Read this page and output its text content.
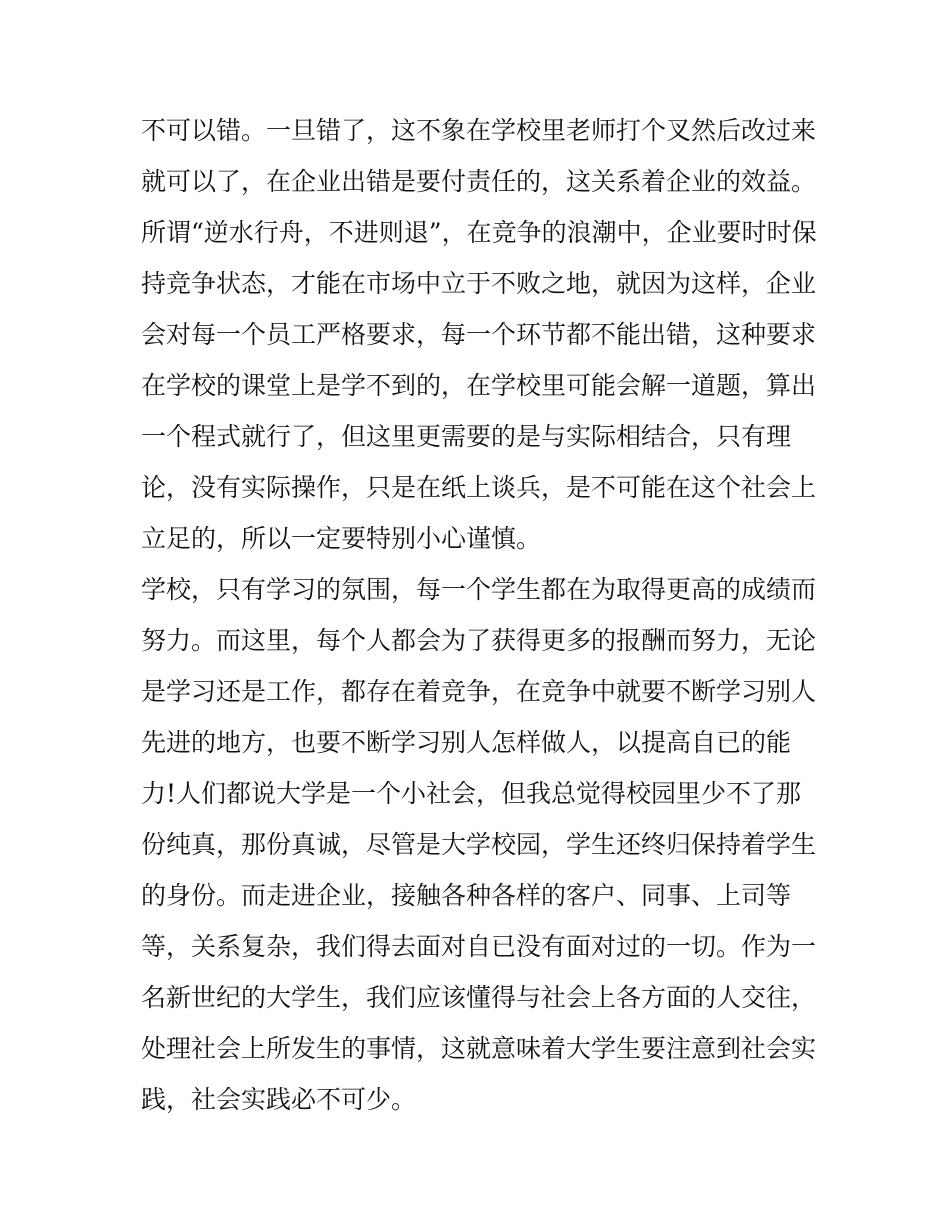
不可以错。一旦错了，这不象在学校里老师打个叉然后改过来
就可以了，在企业出错是要付责任的，这关系着企业的效益。
所谓“逆水行舟，不进则退”，在竞争的浪潮中，企业要时时保
持竞争状态，才能在市场中立于不败之地，就因为这样，企业
会对每一个员工严格要求，每一个环节都不能出错，这种要求
在学校的课堂上是学不到的，在学校里可能会解一道题，算出
一个程式就行了，但这里更需要的是与实际相结合，只有理
论，没有实际操作，只是在纸上谈兵，是不可能在这个社会上
立足的，所以一定要特别小心谨慎。
学校，只有学习的氛围，每一个学生都在为取得更高的成绩而
努力。而这里，每个人都会为了获得更多的报酬而努力，无论
是学习还是工作，都存在着竞争，在竞争中就要不断学习别人
先进的地方，也要不断学习别人怎样做人，以提高自已的能
力!人们都说大学是一个小社会，但我总觉得校园里少不了那
份纯真，那份真诚，尽管是大学校园，学生还终归保持着学生
的身份。而走进企业，接触各种各样的客户、同事、上司等
等，关系复杂，我们得去面对自已没有面对过的一切。作为一
名新世纪的大学生，我们应该懂得与社会上各方面的人交往，
处理社会上所发生的事情，这就意味着大学生要注意到社会实
践，社会实践必不可少。
